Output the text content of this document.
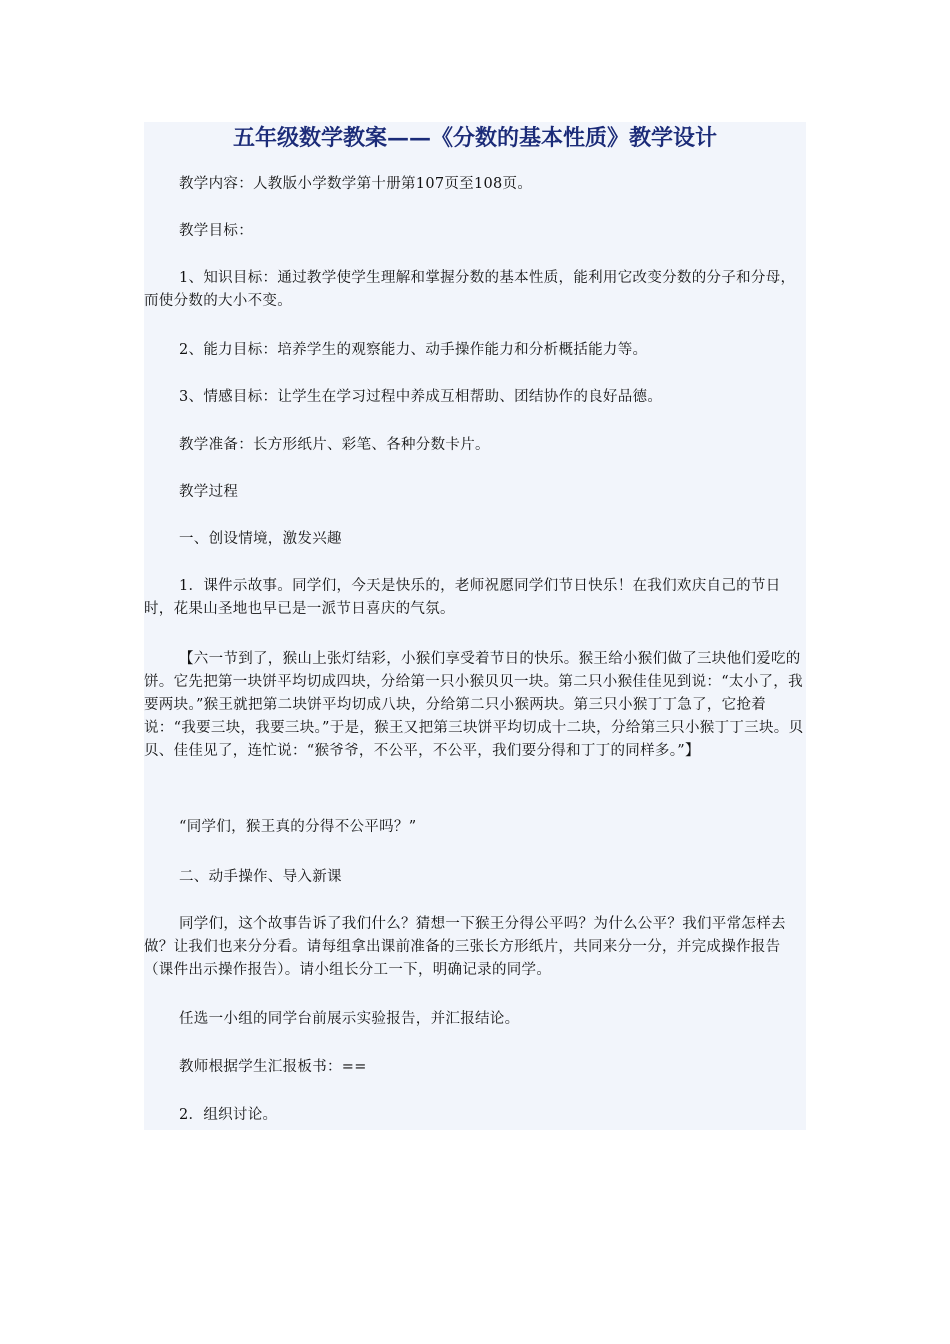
五年级数学教案——《分数的基本性质》教学设计

教学内容：人教版小学数学第十册第107页至108页。

教学目标：

1、知识目标：通过教学使学生理解和掌握分数的基本性质，能利用它改变分数的分子和分母，而使分数的大小不变。

2、能力目标：培养学生的观察能力、动手操作能力和分析概括能力等。

3、情感目标：让学生在学习过程中养成互相帮助、团结协作的良好品德。

教学准备：长方形纸片、彩笔、各种分数卡片。

教学过程

一、创设情境，激发兴趣

1．课件示故事。同学们，今天是快乐的，老师祝愿同学们节日快乐！在我们欢庆自己的节日时，花果山圣地也早已是一派节日喜庆的气氛。

【六一节到了，猴山上张灯结彩，小猴们享受着节日的快乐。猴王给小猴们做了三块他们爱吃的饼。它先把第一块饼平均切成四块，分给第一只小猴贝贝一块。第二只小猴佳佳见到说：“太小了，我要两块。”猴王就把第二块饼平均切成八块，分给第二只小猴两块。第三只小猴丁丁急了，它抢着说：“我要三块，我要三块。”于是，猴王又把第三块饼平均切成十二块，分给第三只小猴丁丁三块。贝贝、佳佳见了，连忙说：“猴爷爷，不公平，不公平，我们要分得和丁丁的同样多。”】

“同学们，猴王真的分得不公平吗？”

二、动手操作、导入新课

同学们，这个故事告诉了我们什么？猜想一下猴王分得公平吗？为什么公平？我们平常怎样去做？让我们也来分分看。请每组拿出课前准备的三张长方形纸片，共同来分一分，并完成操作报告（课件出示操作报告）。请小组长分工一下，明确记录的同学。

任选一小组的同学台前展示实验报告，并汇报结论。

教师根据学生汇报板书：==

2．组织讨论。
